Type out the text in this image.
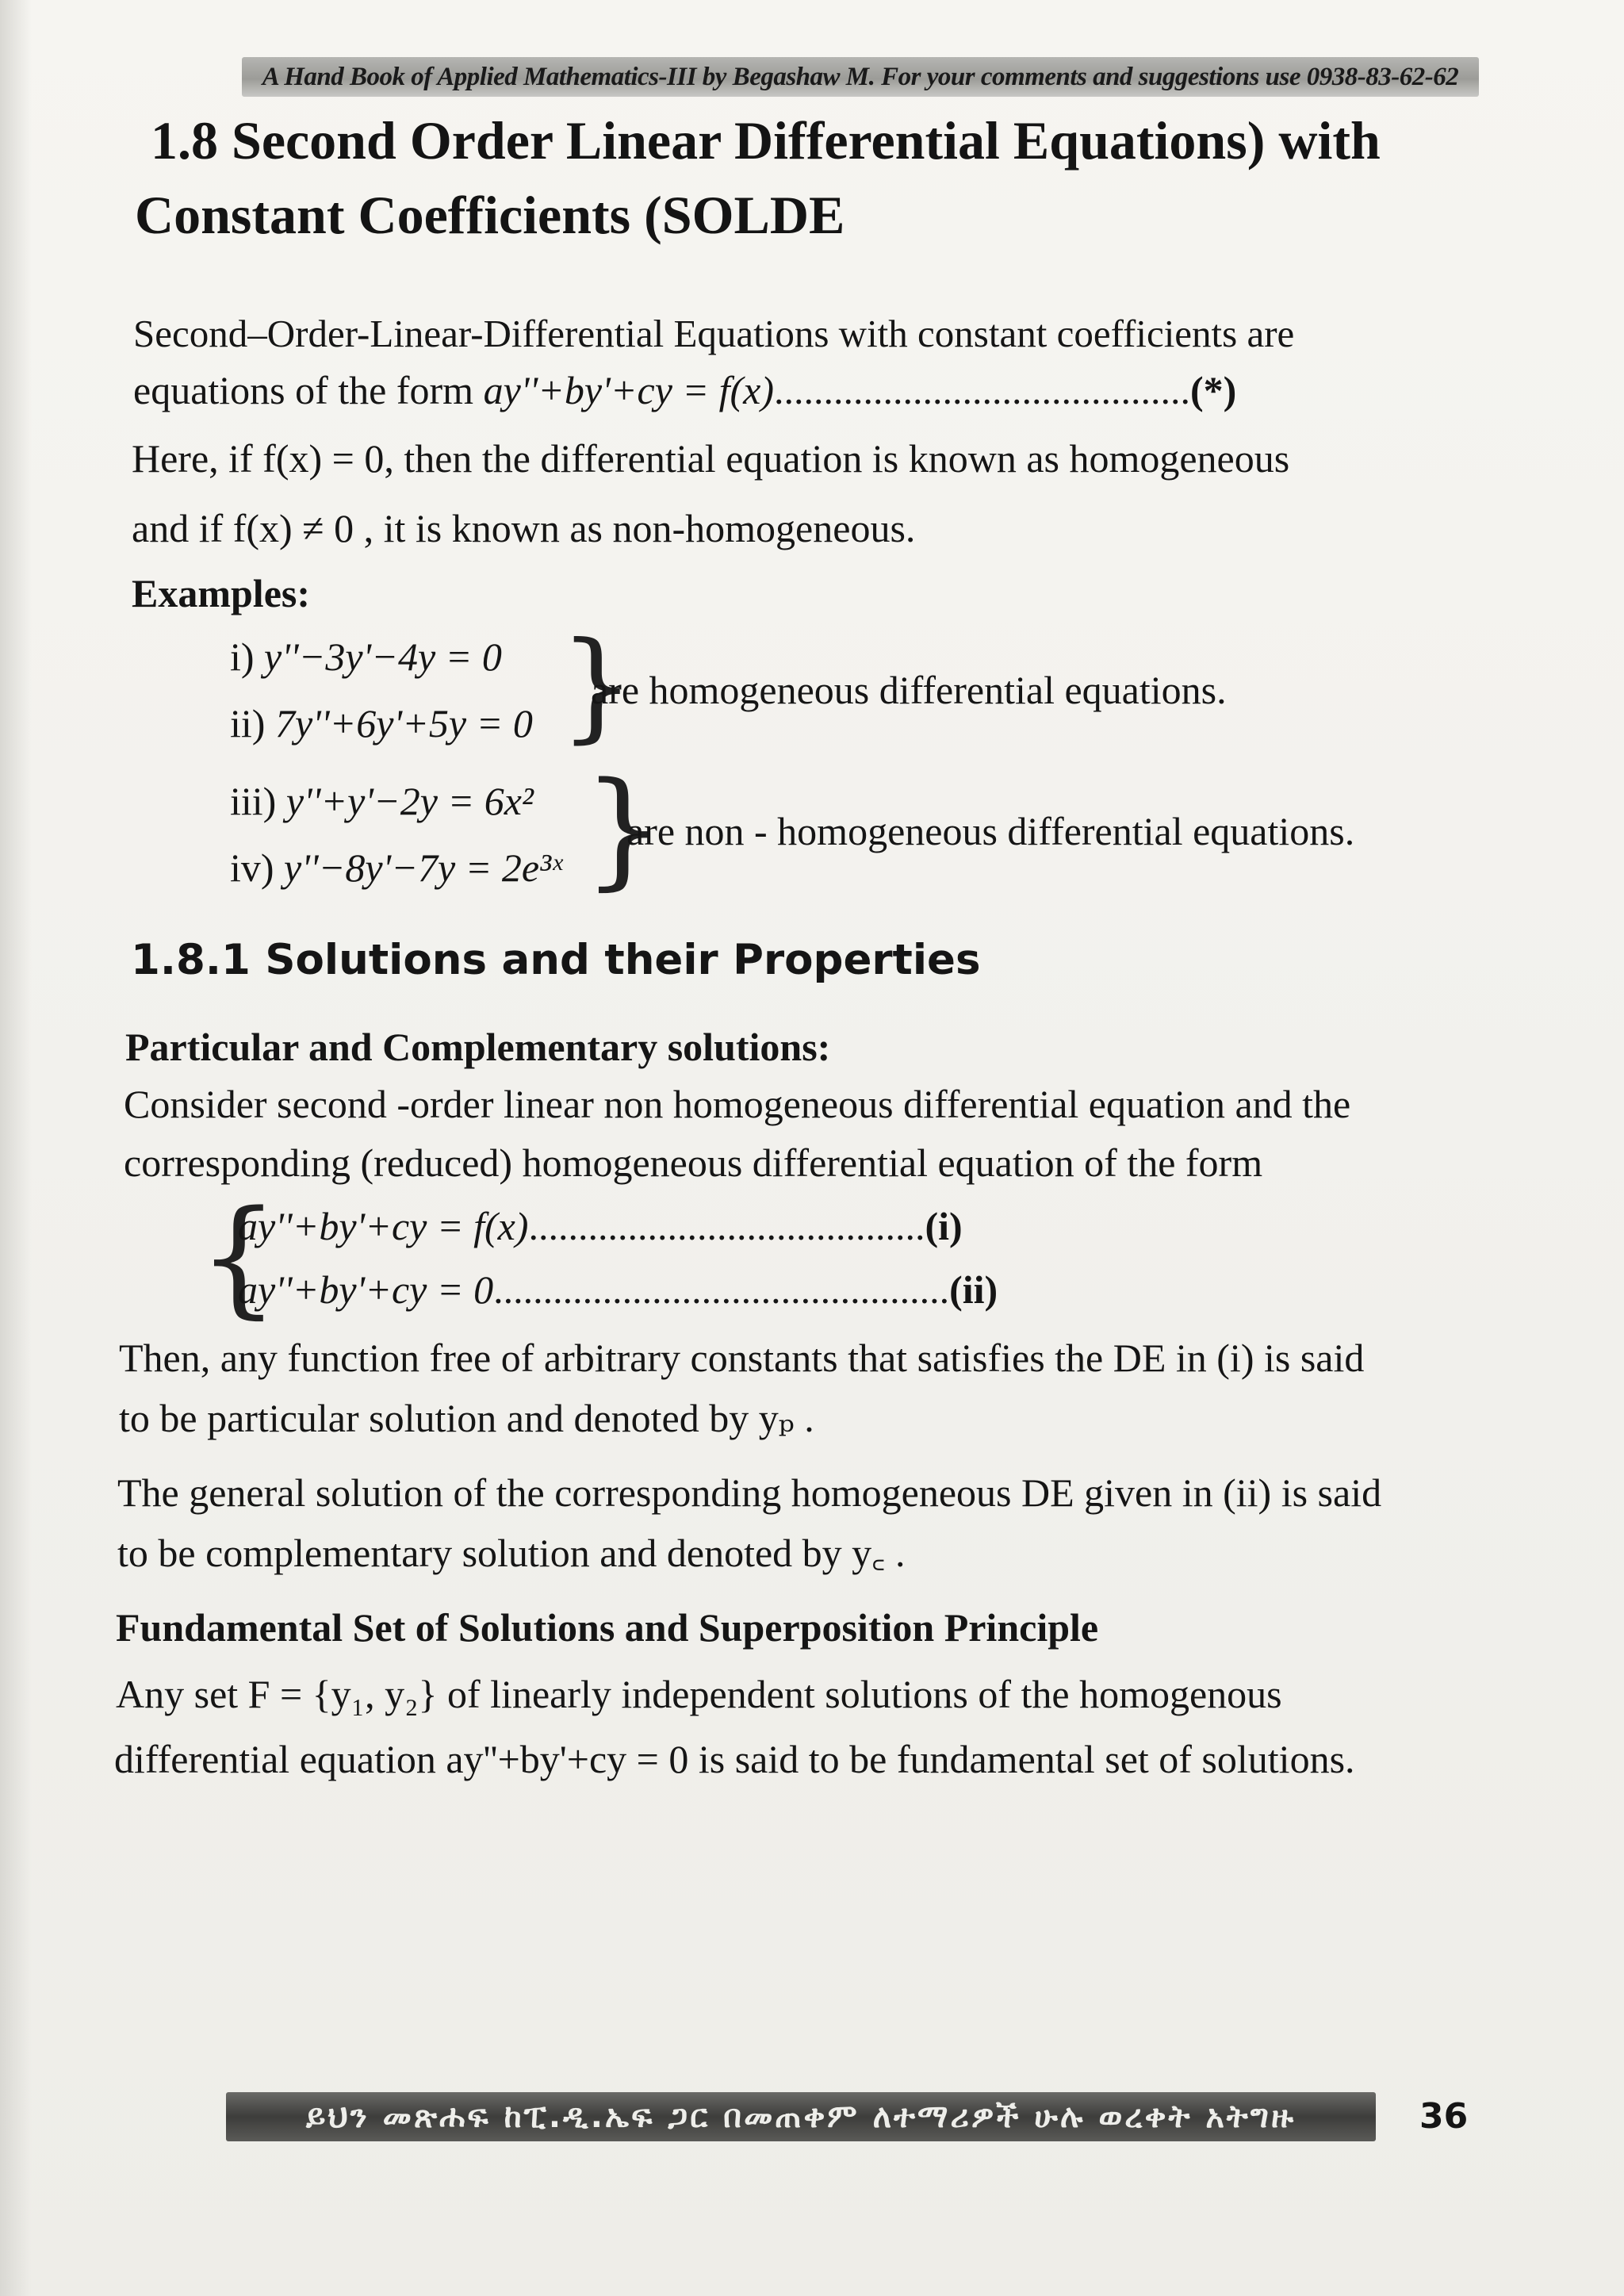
A Hand Book of Applied Mathematics-III by Begashaw M. For your comments and suggestions use 0938-83-62-62
1.8 Second Order Linear Differential Equations) with
Constant Coefficients (SOLDE
Second–Order-Linear-Differential Equations with constant coefficients are
equations of the form ay''+by'+cy = f(x)..........................................(*)
Here, if f(x) = 0, then the differential equation is known as homogeneous
and if f(x) ≠ 0 , it is known as non-homogeneous.
Examples:
i) y''−3y'−4y = 0
ii) 7y''+6y'+5y = 0 }
are homogeneous differential equations.
iii) y''+y'−2y = 6x²
iv) y''−8y'−7y = 2e³ˣ }
are non - homogeneous differential equations.
1.8.1 Solutions and their Properties
Particular and Complementary solutions:
Consider second -order linear non homogeneous differential equation and the
corresponding (reduced) homogeneous differential equation of the form
{
ay''+by'+cy = f(x)........................................(i)
ay''+by'+cy = 0..............................................(ii)
Then, any function free of arbitrary constants that satisfies the DE in (i) is said
to be particular solution and denoted by yₚ .
The general solution of the corresponding homogeneous DE given in (ii) is said
to be complementary solution and denoted by y꜀ .
Fundamental Set of Solutions and Superposition Principle
Any set F = {y₁, y₂} of linearly independent solutions of the homogenous
differential equation ay''+by'+cy = 0 is said to be fundamental set of solutions.
ይህን መጽሐፍ ከፒ.ዲ.ኤፍ ጋር በመጠቀም ለተማሪዎች ሁሉ ወረቀት አትግዙ	36
